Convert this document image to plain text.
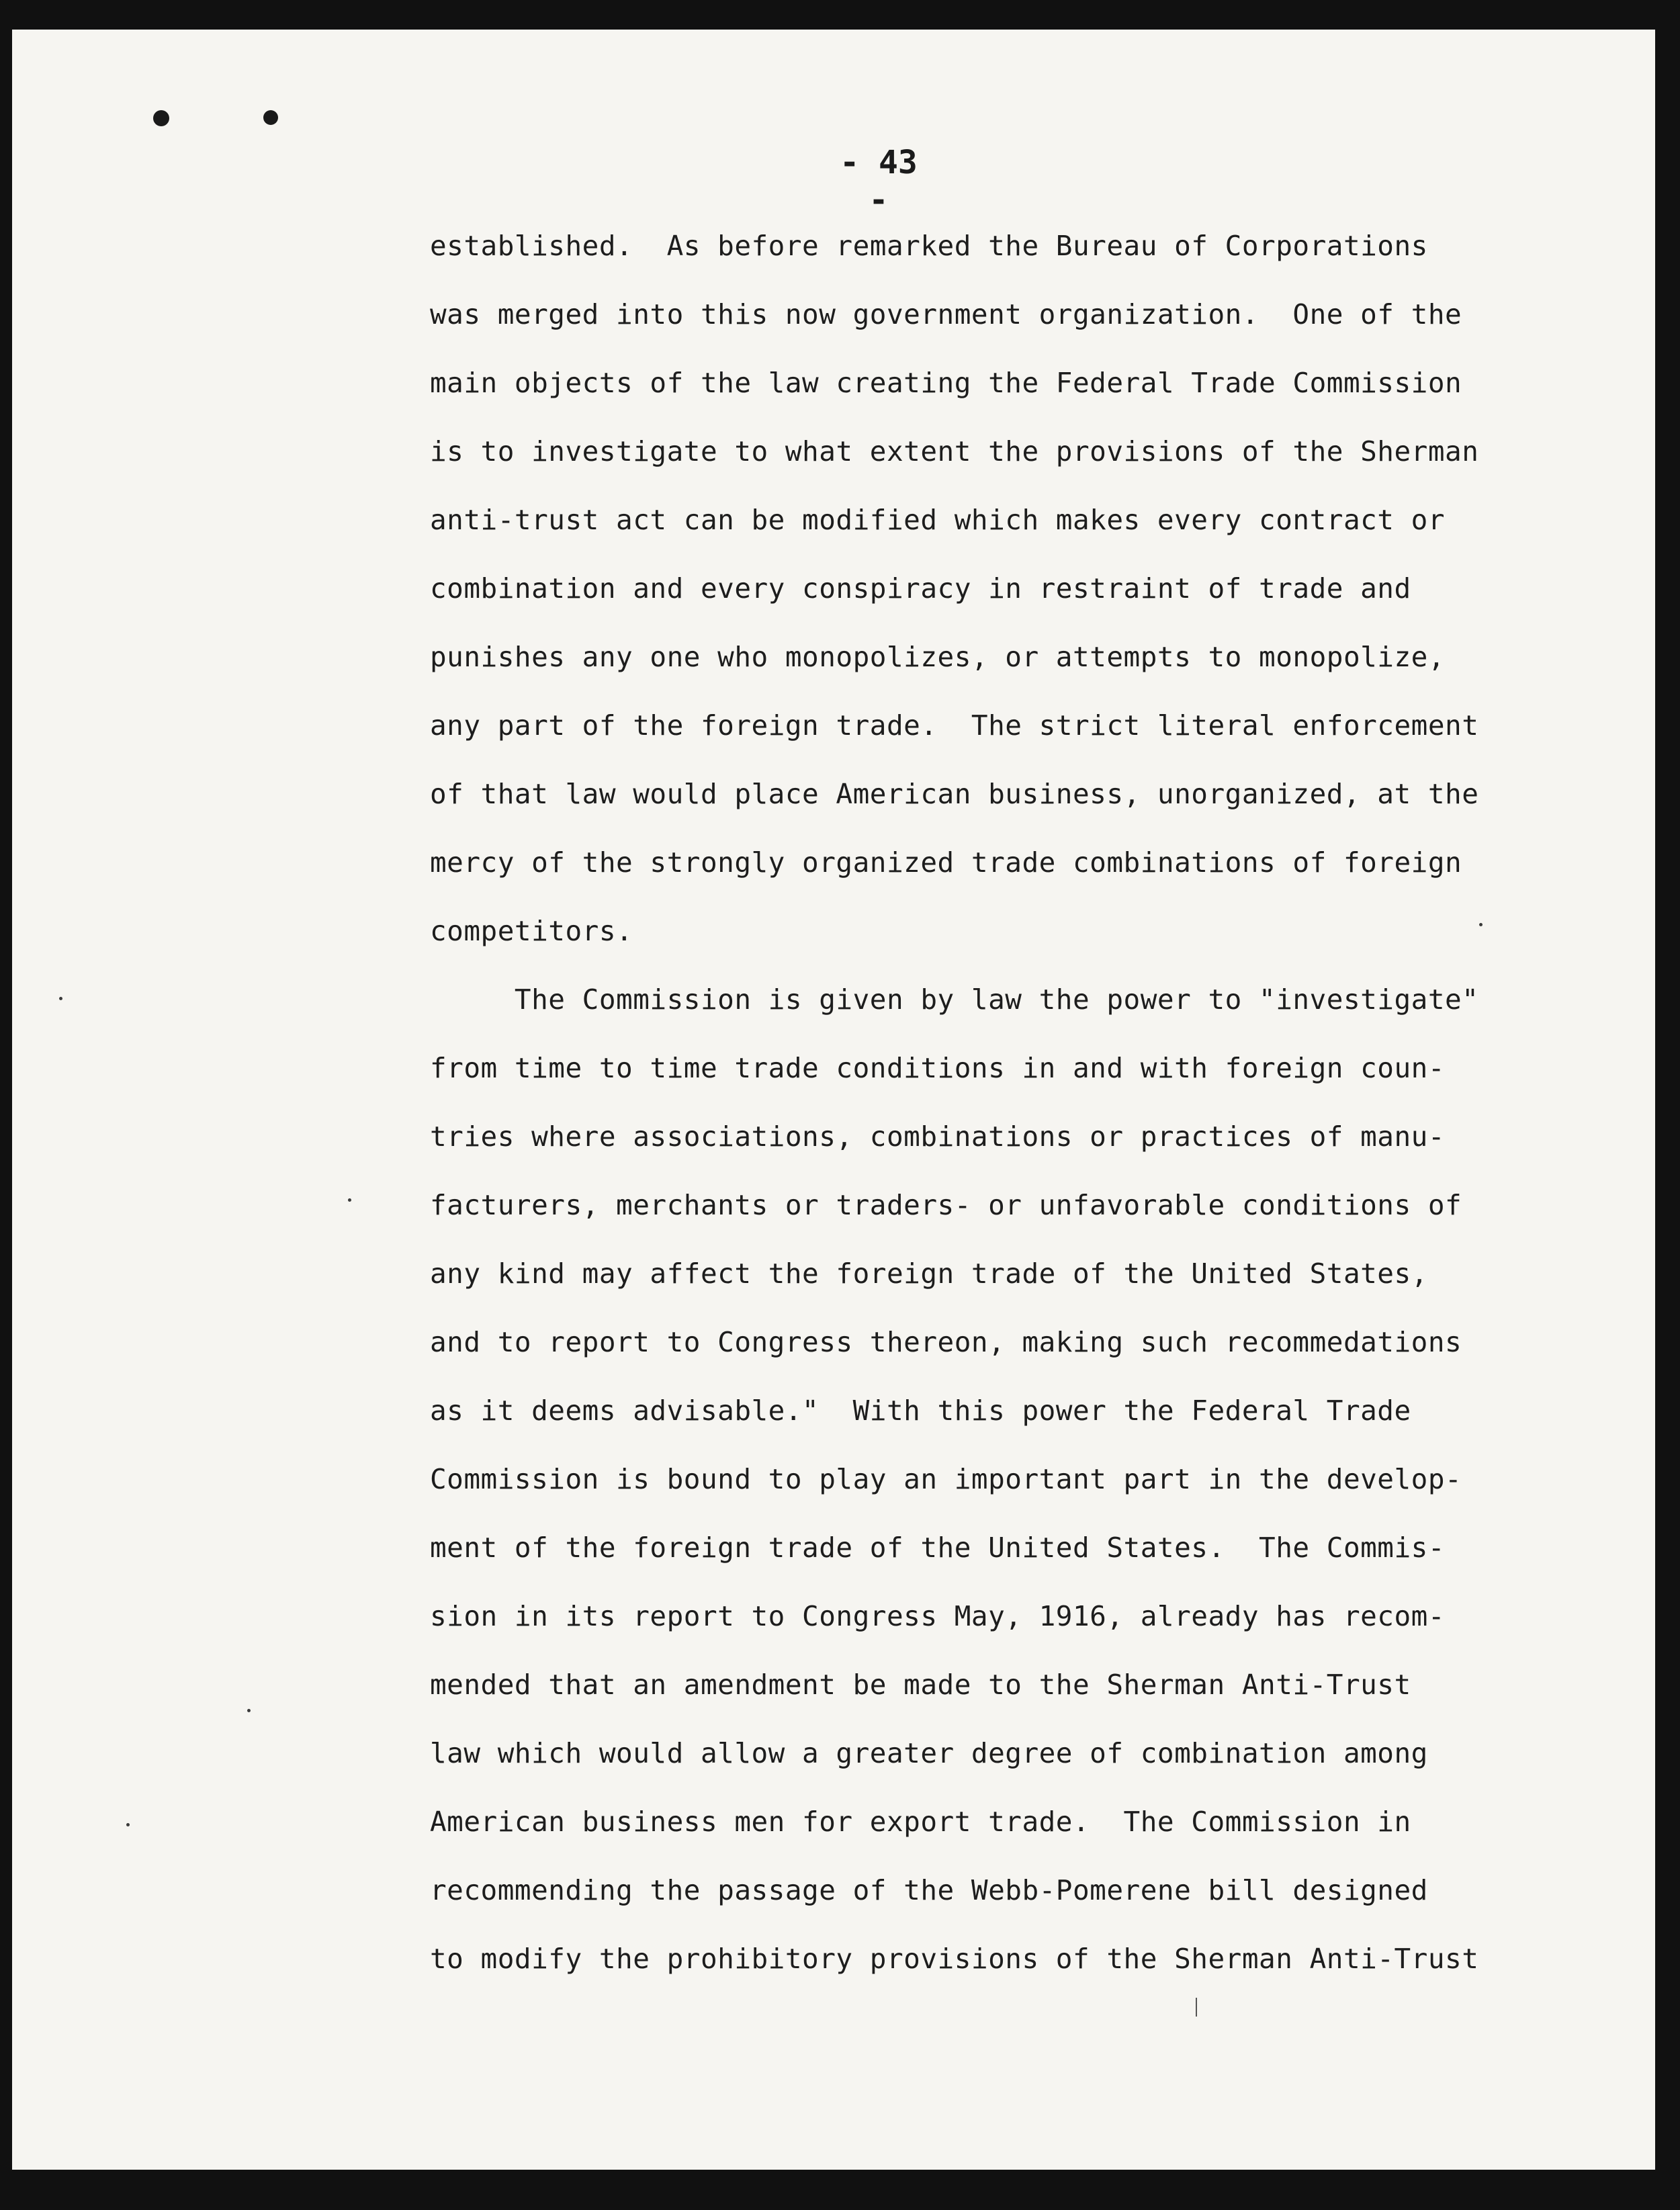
- 43 -
established.  As before remarked the Bureau of Corporations
was merged into this now government organization.  One of the
main objects of the law creating the Federal Trade Commission
is to investigate to what extent the provisions of the Sherman
anti-trust act can be modified which makes every contract or
combination and every conspiracy in restraint of trade and
punishes any one who monopolizes, or attempts to monopolize,
any part of the foreign trade.  The strict literal enforcement
of that law would place American business, unorganized, at the
mercy of the strongly organized trade combinations of foreign
competitors.
The Commission is given by law the power to "investigate"
from time to time trade conditions in and with foreign coun-
tries where associations, combinations or practices of manu-
facturers, merchants or traders- or unfavorable conditions of
any kind may affect the foreign trade of the United States,
and to report to Congress thereon, making such recommedations
as it deems advisable."  With this power the Federal Trade
Commission is bound to play an important part in the develop-
ment of the foreign trade of the United States.  The Commis-
sion in its report to Congress May, 1916, already has recom-
mended that an amendment be made to the Sherman Anti-Trust
law which would allow a greater degree of combination among
American business men for export trade.  The Commission in
recommending the passage of the Webb-Pomerene bill designed
to modify the prohibitory provisions of the Sherman Anti-Trust
